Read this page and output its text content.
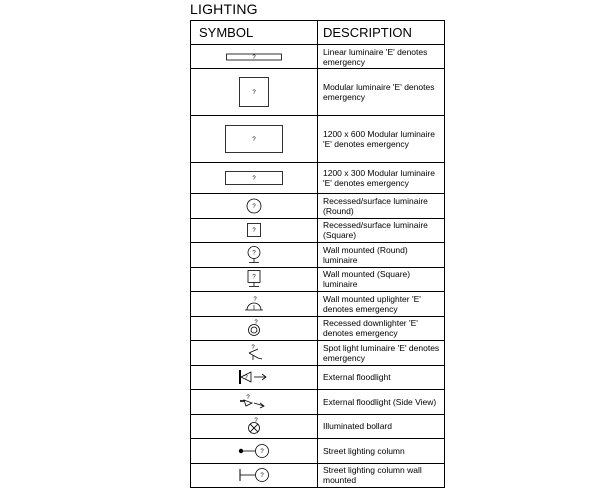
LIGHTING
SYMBOL	DESCRIPTION

?	Linear luminaire 'E' denotes emergency

?	Modular luminaire 'E' denotes emergency

?	1200 x 600 Modular luminaire 'E' denotes emergency

?	1200 x 300 Modular luminaire 'E' denotes emergency

?	Recessed/surface luminaire (Round)

?	Recessed/surface luminaire (Square)

?	Wall mounted (Round) luminaire

?	Wall mounted (Square) luminaire

?	Wall mounted uplighter 'E' denotes emergency

?	Recessed downlighter 'E' denotes emergency

?	Spot light luminaire 'E' denotes emergency

?	External floodlight

?	External floodlight (Side View)

?	Illuminated bollard

?	Street lighting column

?	Street lighting column wall mounted
